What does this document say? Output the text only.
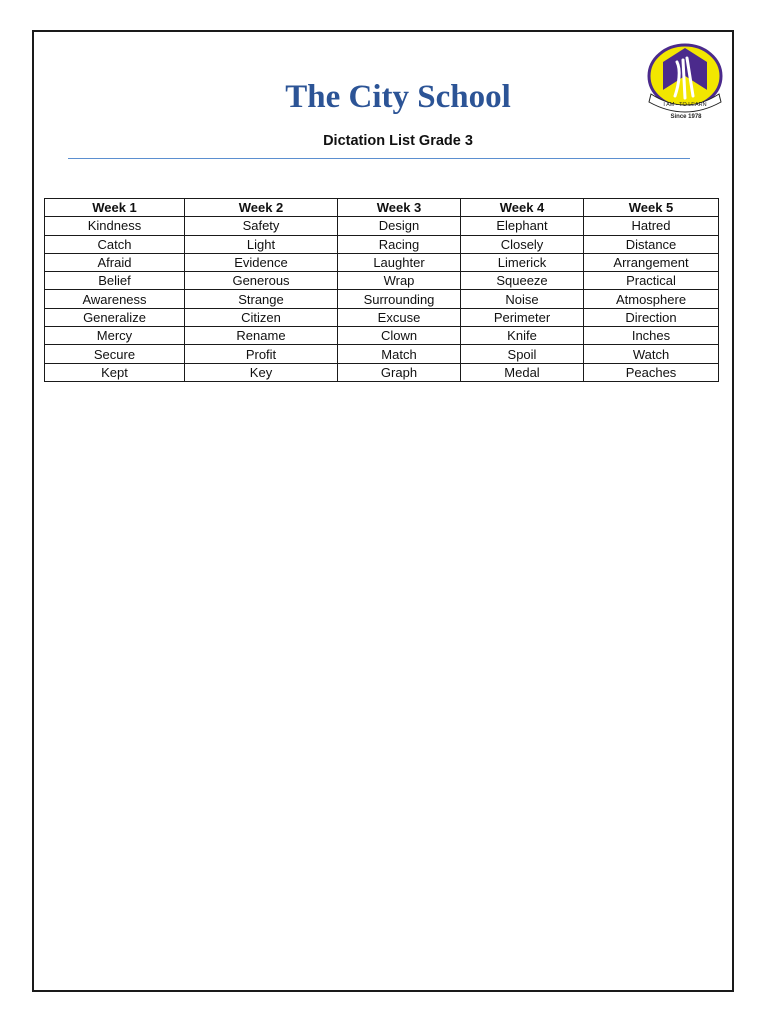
The City School
Dictation List Grade 3
I AM - TO LEARN
Since 1978
Week 1	Week 2	Week 3	Week 4	Week 5
Kindness	Safety	Design	Elephant	Hatred
Catch	Light	Racing	Closely	Distance
Afraid	Evidence	Laughter	Limerick	Arrangement
Belief	Generous	Wrap	Squeeze	Practical
Awareness	Strange	Surrounding	Noise	Atmosphere
Generalize	Citizen	Excuse	Perimeter	Direction
Mercy	Rename	Clown	Knife	Inches
Secure	Profit	Match	Spoil	Watch
Kept	Key	Graph	Medal	Peaches
